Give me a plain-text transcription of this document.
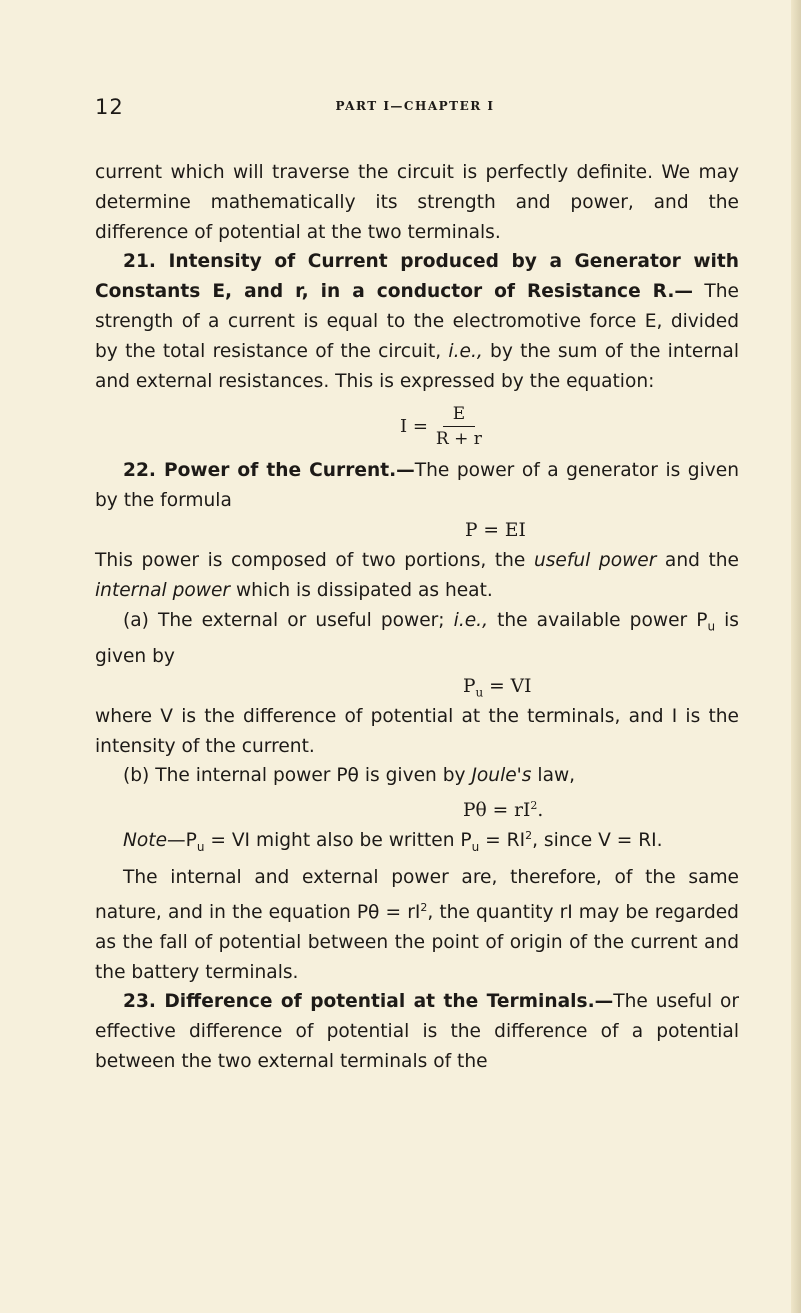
12	PART I—CHAPTER I

current which will traverse the circuit is perfectly definite. We may determine mathematically its strength and power, and the difference of potential at the two terminals.

21. Intensity of Current produced by a Generator with Constants E, and r, in a conductor of Resistance R.— The strength of a current is equal to the electromotive force E, divided by the total resistance of the circuit, i.e., by the sum of the internal and external resistances. This is expressed by the equation:

$I = \frac{E}{R + r}$

22. Power of the Current.—The power of a generator is given by the formula

P = EI

This power is composed of two portions, the useful power and the internal power which is dissipated as heat.

(a) The external or useful power; i.e., the available power $P_u$ is given by

$P_u$ = VI

where V is the difference of potential at the terminals, and I is the intensity of the current.

(b) The internal power Pθ is given by Joule's law,

$P\theta = rI^2$.

$Note—P_u$ = VI might also be written $P_u = RI^2$, since V = RI.

The internal and external power are, therefore, of the same nature, and in the equation $P\theta = rI^2$, the quantity rI may be regarded as the fall of potential between the point of origin of the current and the battery terminals.

23. Difference of potential at the Terminals.—The useful or effective difference of potential is the difference of a potential between the two external terminals of the
